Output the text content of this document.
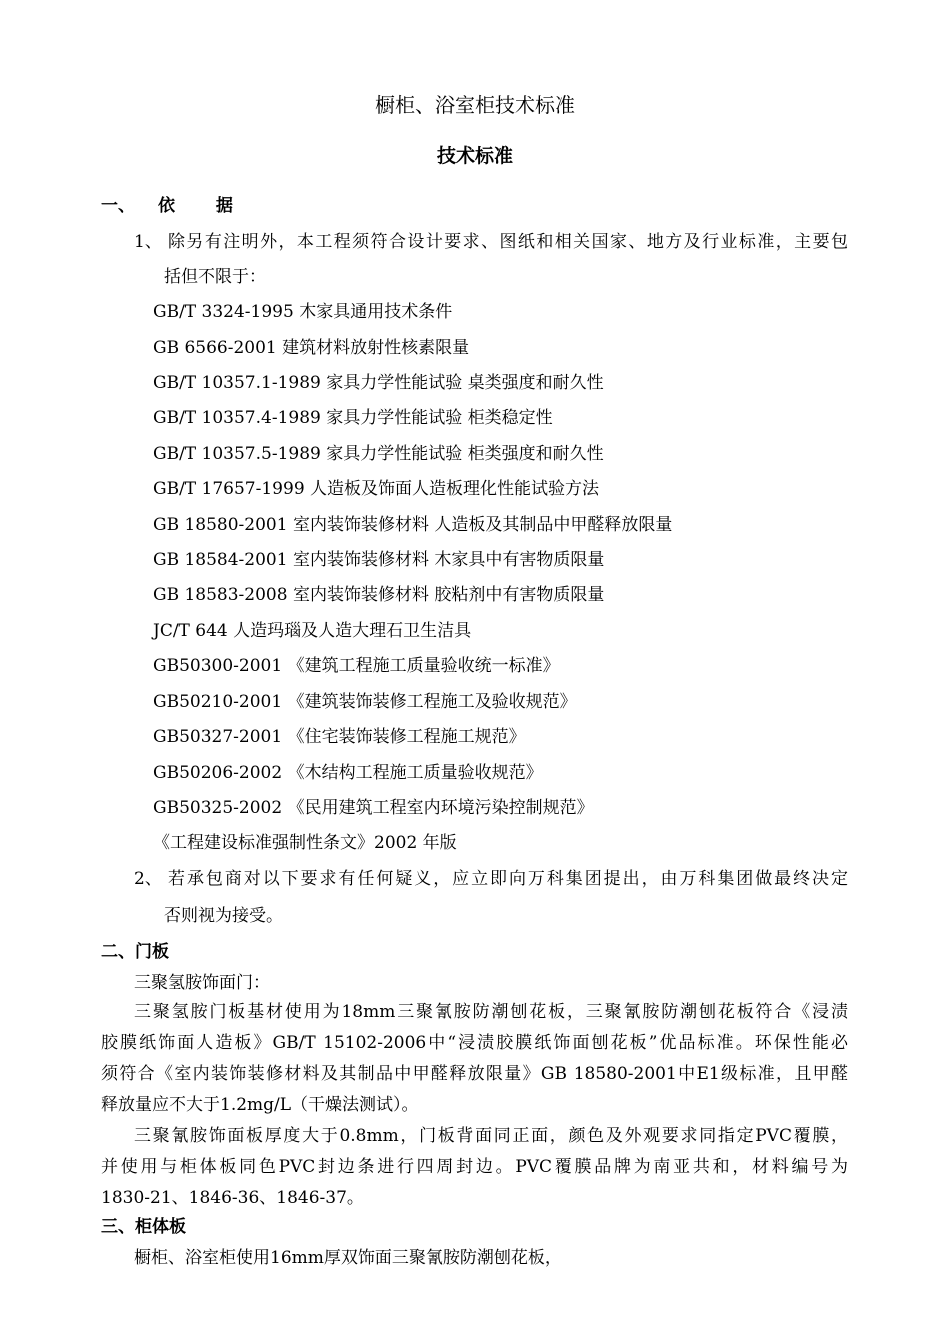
橱柜、浴室柜技术标准
技术标准
一、 依　 据
1、 除另有注明外，本工程须符合设计要求、图纸和相关国家、地方及行业标准，主要包
括但不限于：
GB/T 3324-1995 木家具通用技术条件
GB 6566-2001 建筑材料放射性核素限量
GB/T 10357.1-1989 家具力学性能试验 桌类强度和耐久性
GB/T 10357.4-1989 家具力学性能试验 柜类稳定性
GB/T 10357.5-1989 家具力学性能试验 柜类强度和耐久性
GB/T 17657-1999 人造板及饰面人造板理化性能试验方法
GB 18580-2001 室内装饰装修材料 人造板及其制品中甲醛释放限量
GB 18584-2001 室内装饰装修材料 木家具中有害物质限量
GB 18583-2008 室内装饰装修材料 胶粘剂中有害物质限量
JC/T 644 人造玛瑙及人造大理石卫生洁具
GB50300-2001 《建筑工程施工质量验收统一标准》
GB50210-2001 《建筑装饰装修工程施工及验收规范》
GB50327-2001 《住宅装饰装修工程施工规范》
GB50206-2002 《木结构工程施工质量验收规范》
GB50325-2002 《民用建筑工程室内环境污染控制规范》
《工程建设标准强制性条文》2002 年版
2、 若承包商对以下要求有任何疑义，应立即向万科集团提出，由万科集团做最终决定
否则视为接受。
二、门板
三聚氢胺饰面门：
三聚氢胺门板基材使用为18mm三聚氰胺防潮刨花板，三聚氰胺防潮刨花板符合《浸渍
胶膜纸饰面人造板》GB/T 15102-2006中“浸渍胶膜纸饰面刨花板”优品标准。环保性能必
须符合《室内装饰装修材料及其制品中甲醛释放限量》GB 18580-2001中E1级标准，且甲醛
释放量应不大于1.2mg/L（干燥法测试）。
三聚氰胺饰面板厚度大于0.8mm，门板背面同正面，颜色及外观要求同指定PVC覆膜，
并使用与柜体板同色PVC封边条进行四周封边。PVC覆膜品牌为南亚共和，材料编号为
1830-21、1846-36、1846-37。
三、柜体板
橱柜、浴室柜使用16mm厚双饰面三聚氰胺防潮刨花板，
